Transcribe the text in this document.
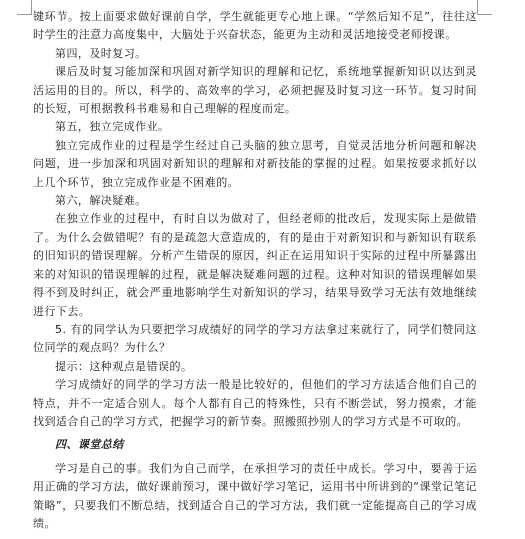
键环节。按上面要求做好课前自学，学生就能更专心地上课。“学然后知不足”，往往这时学生的注意力高度集中，大脑处于兴奋状态，能更为主动和灵活地接受老师授课。

第四，及时复习。

课后及时复习能加深和巩固对新学知识的理解和记忆，系统地掌握新知识以达到灵活运用的目的。所以，科学的、高效率的学习，必须把握及时复习这一环节。复习时间的长短，可根据教科书难易和自己理解的程度而定。

第五，独立完成作业。

独立完成作业的过程是学生经过自己头脑的独立思考，自觉灵活地分析问题和解决问题，进一步加深和巩固对新知识的理解和对新技能的掌握的过程。如果按要求抓好以上几个环节，独立完成作业是不困难的。

第六，解决疑难。

在独立作业的过程中，有时自以为做对了，但经老师的批改后，发现实际上是做错了。为什么会做错呢？有的是疏忽大意造成的，有的是由于对新知识和与新知识有联系的旧知识的错误理解。分析产生错误的原因，纠正在运用知识于实际的过程中所暴露出来的对知识的错误理解的过程，就是解决疑难问题的过程。这种对知识的错误理解如果得不到及时纠正，就会严重地影响学生对新知识的学习，结果导致学习无法有效地继续进行下去。

5. 有的同学认为只要把学习成绩好的同学的学习方法拿过来就行了，同学们赞同这位同学的观点吗？为什么？

提示：这种观点是错误的。

学习成绩好的同学的学习方法一般是比较好的，但他们的学习方法适合他们自己的特点，并不一定适合别人。每个人都有自己的特殊性，只有不断尝试，努力摸索，才能找到适合自己的学习方式，把握学习的新节奏。照搬照抄别人的学习方式是不可取的。

四、课堂总结

学习是自己的事。我们为自己而学，在承担学习的责任中成长。学习中，要善于运用正确的学习方法，做好课前预习，课中做好学习笔记，运用书中所讲到的“课堂记笔记策略”，只要我们不断总结，找到适合自己的学习方法，我们就一定能提高自己的学习成绩。
